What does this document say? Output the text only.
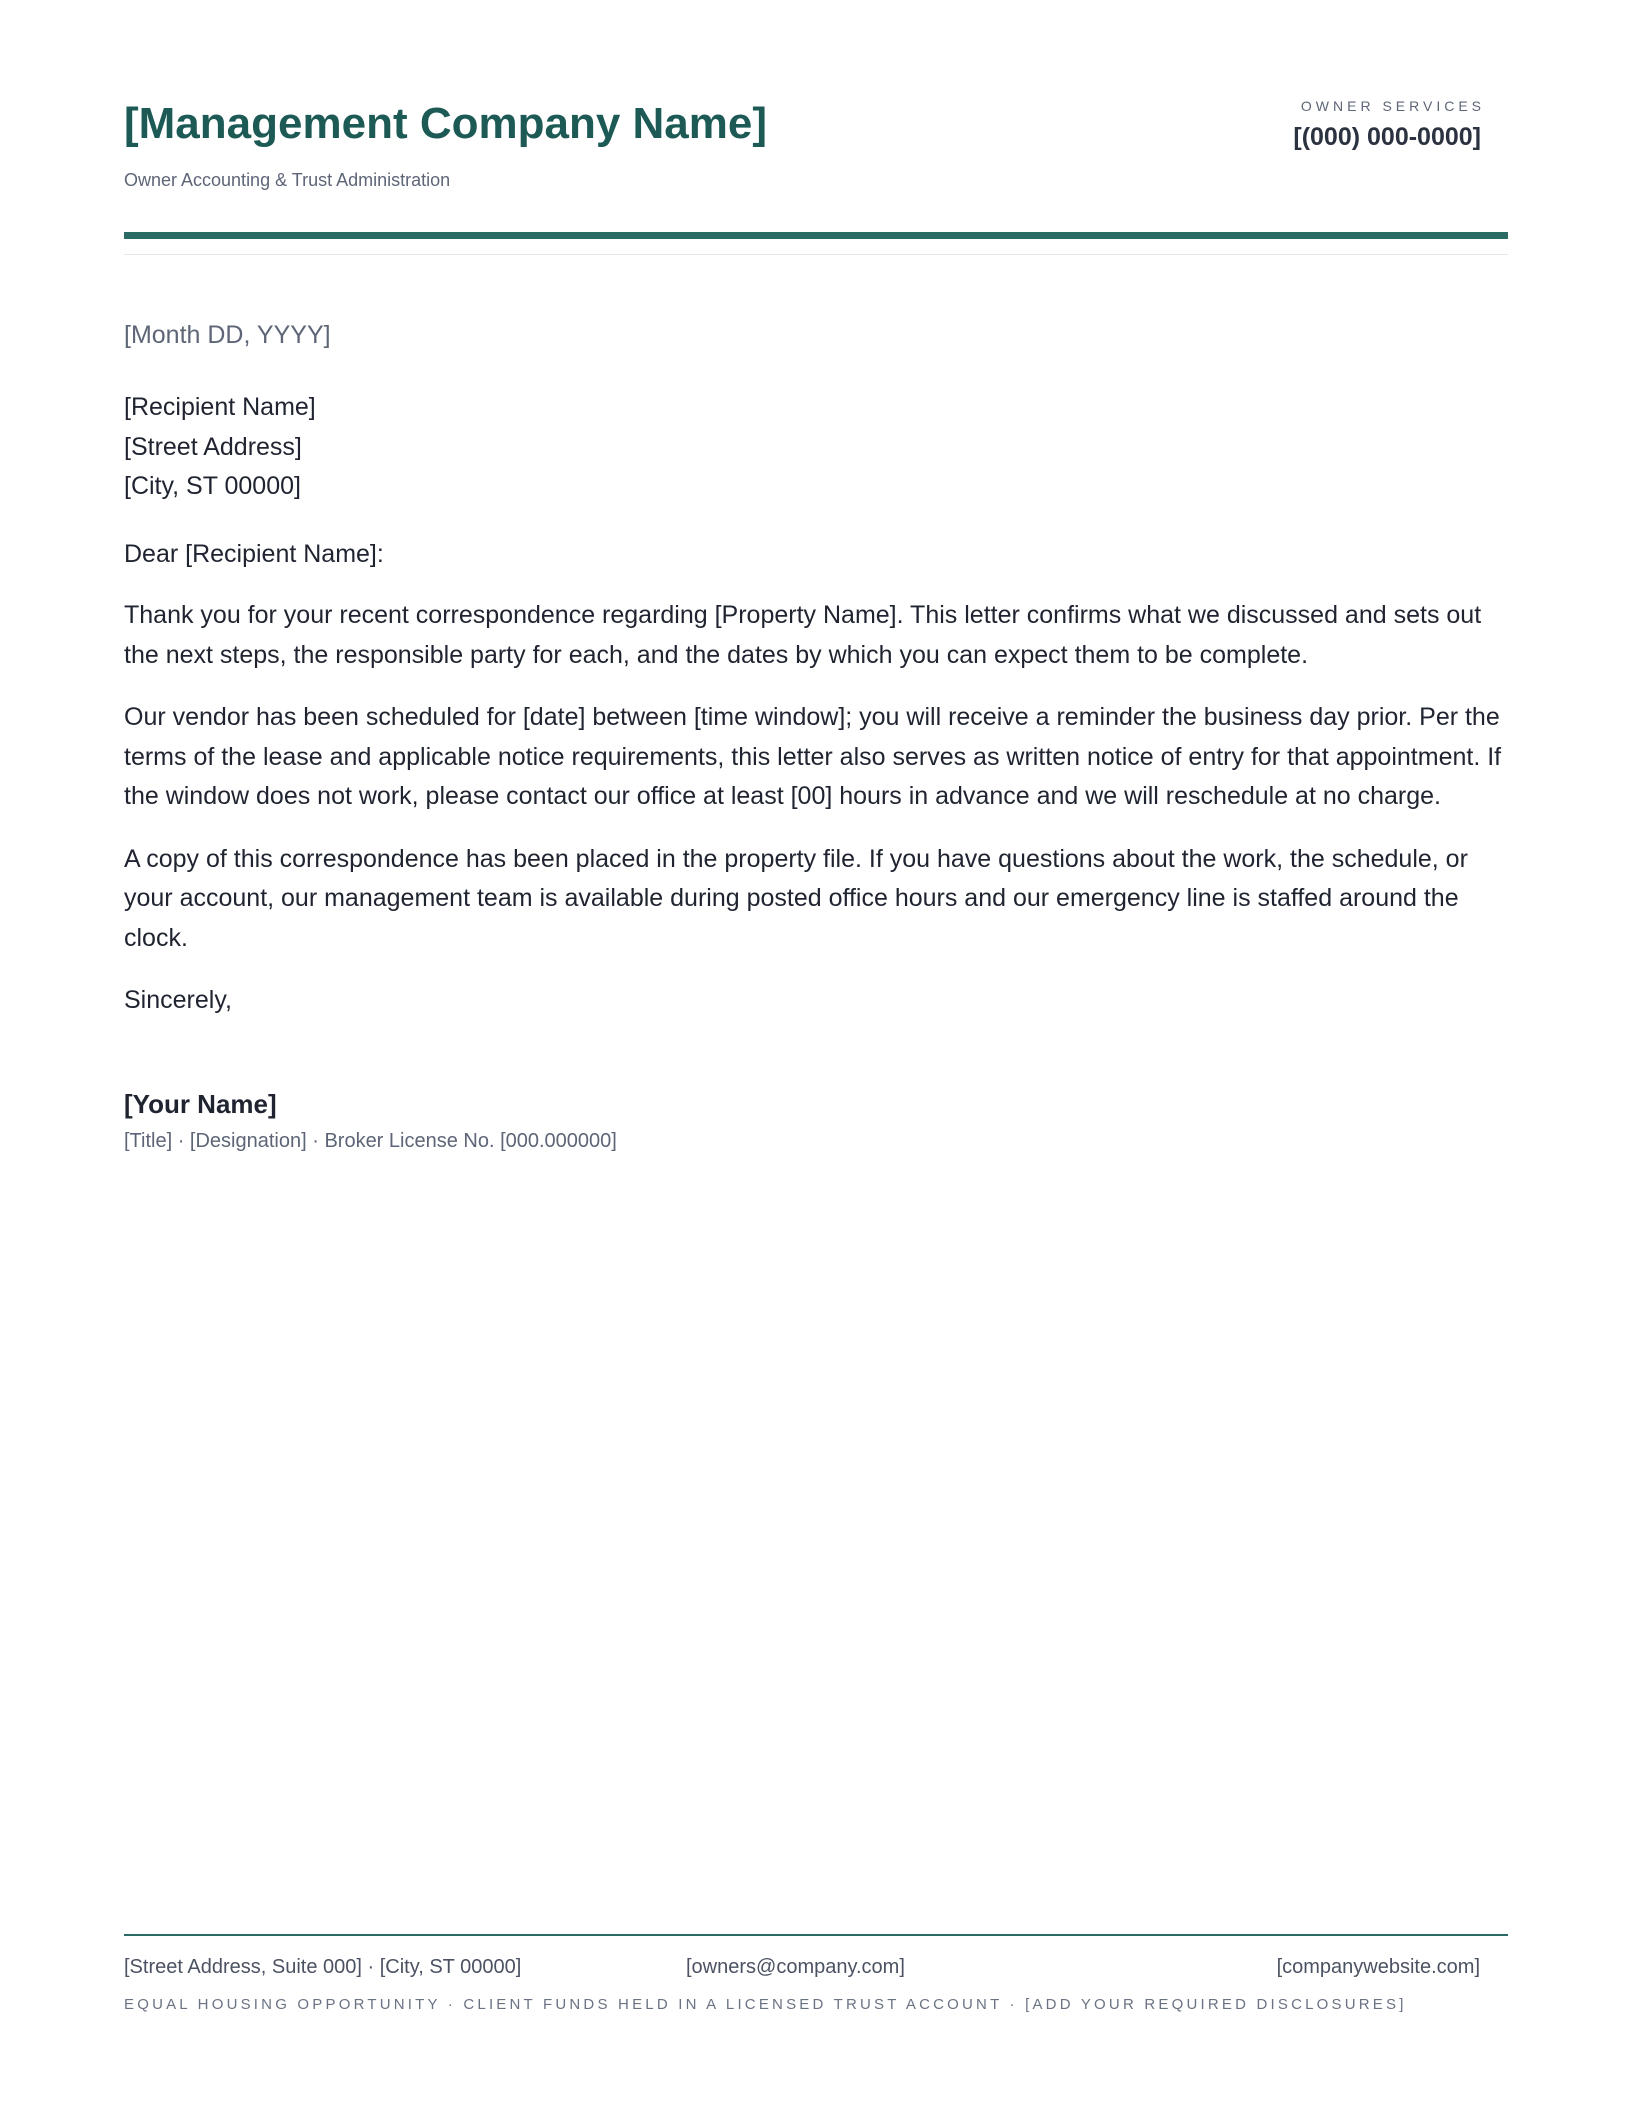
[Management Company Name]
Owner Accounting & Trust Administration
OWNER SERVICES
[(000) 000-0000]
[Month DD, YYYY]
[Recipient Name]
[Street Address]
[City, ST 00000]
Dear [Recipient Name]:

Thank you for your recent correspondence regarding [Property Name]. This letter confirms what we discussed and sets out the next steps, the responsible party for each, and the dates by which you can expect them to be complete.

Our vendor has been scheduled for [date] between [time window]; you will receive a reminder the business day prior. Per the terms of the lease and applicable notice requirements, this letter also serves as written notice of entry for that appointment. If the window does not work, please contact our office at least [00] hours in advance and we will reschedule at no charge.

A copy of this correspondence has been placed in the property file. If you have questions about the work, the schedule, or your account, our management team is available during posted office hours and our emergency line is staffed around the clock.

Sincerely,
[Your Name]
[Title] · [Designation] · Broker License No. [000.000000]
[Street Address, Suite 000] · [City, ST 00000]	[owners@company.com]	[companywebsite.com]
EQUAL HOUSING OPPORTUNITY · CLIENT FUNDS HELD IN A LICENSED TRUST ACCOUNT · [ADD YOUR REQUIRED DISCLOSURES]
